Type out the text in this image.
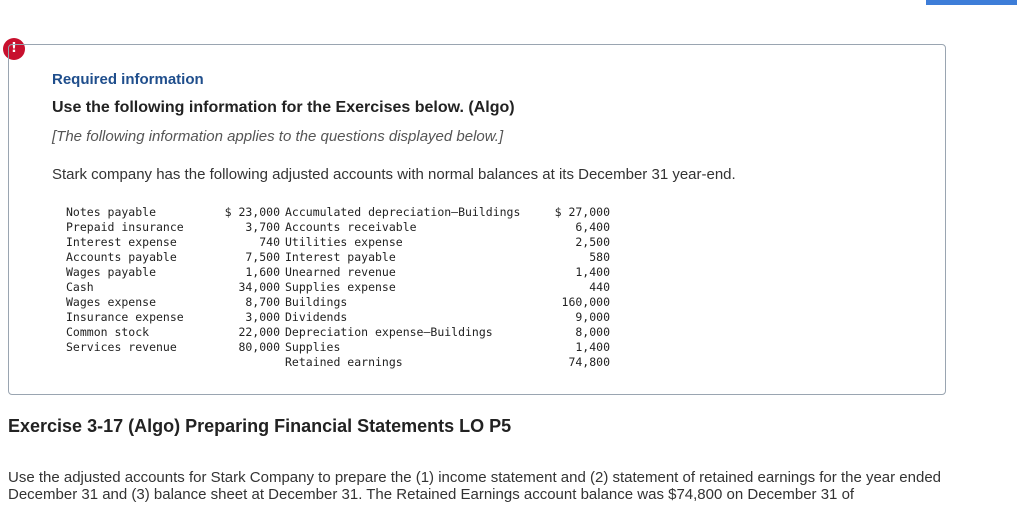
!
Required information
Use the following information for the Exercises below. (Algo)

[The following information applies to the questions displayed below.]

Stark company has the following adjusted accounts with normal balances at its December 31 year-end.

Notes payable	$ 23,000	Accumulated depreciation—Buildings	$ 27,000
Prepaid insurance	3,700	Accounts receivable	6,400
Interest expense	740	Utilities expense	2,500
Accounts payable	7,500	Interest payable	580
Wages payable	1,600	Unearned revenue	1,400
Cash	34,000	Supplies expense	440
Wages expense	8,700	Buildings	160,000
Insurance expense	3,000	Dividends	9,000
Common stock	22,000	Depreciation expense—Buildings	8,000
Services revenue	80,000	Supplies	1,400
		Retained earnings	74,800
Exercise 3-17 (Algo) Preparing Financial Statements LO P5

Use the adjusted accounts for Stark Company to prepare the (1) income statement and (2) statement of retained earnings for the year ended December 31 and (3) balance sheet at December 31. The Retained Earnings account balance was $74,800 on December 31 of
